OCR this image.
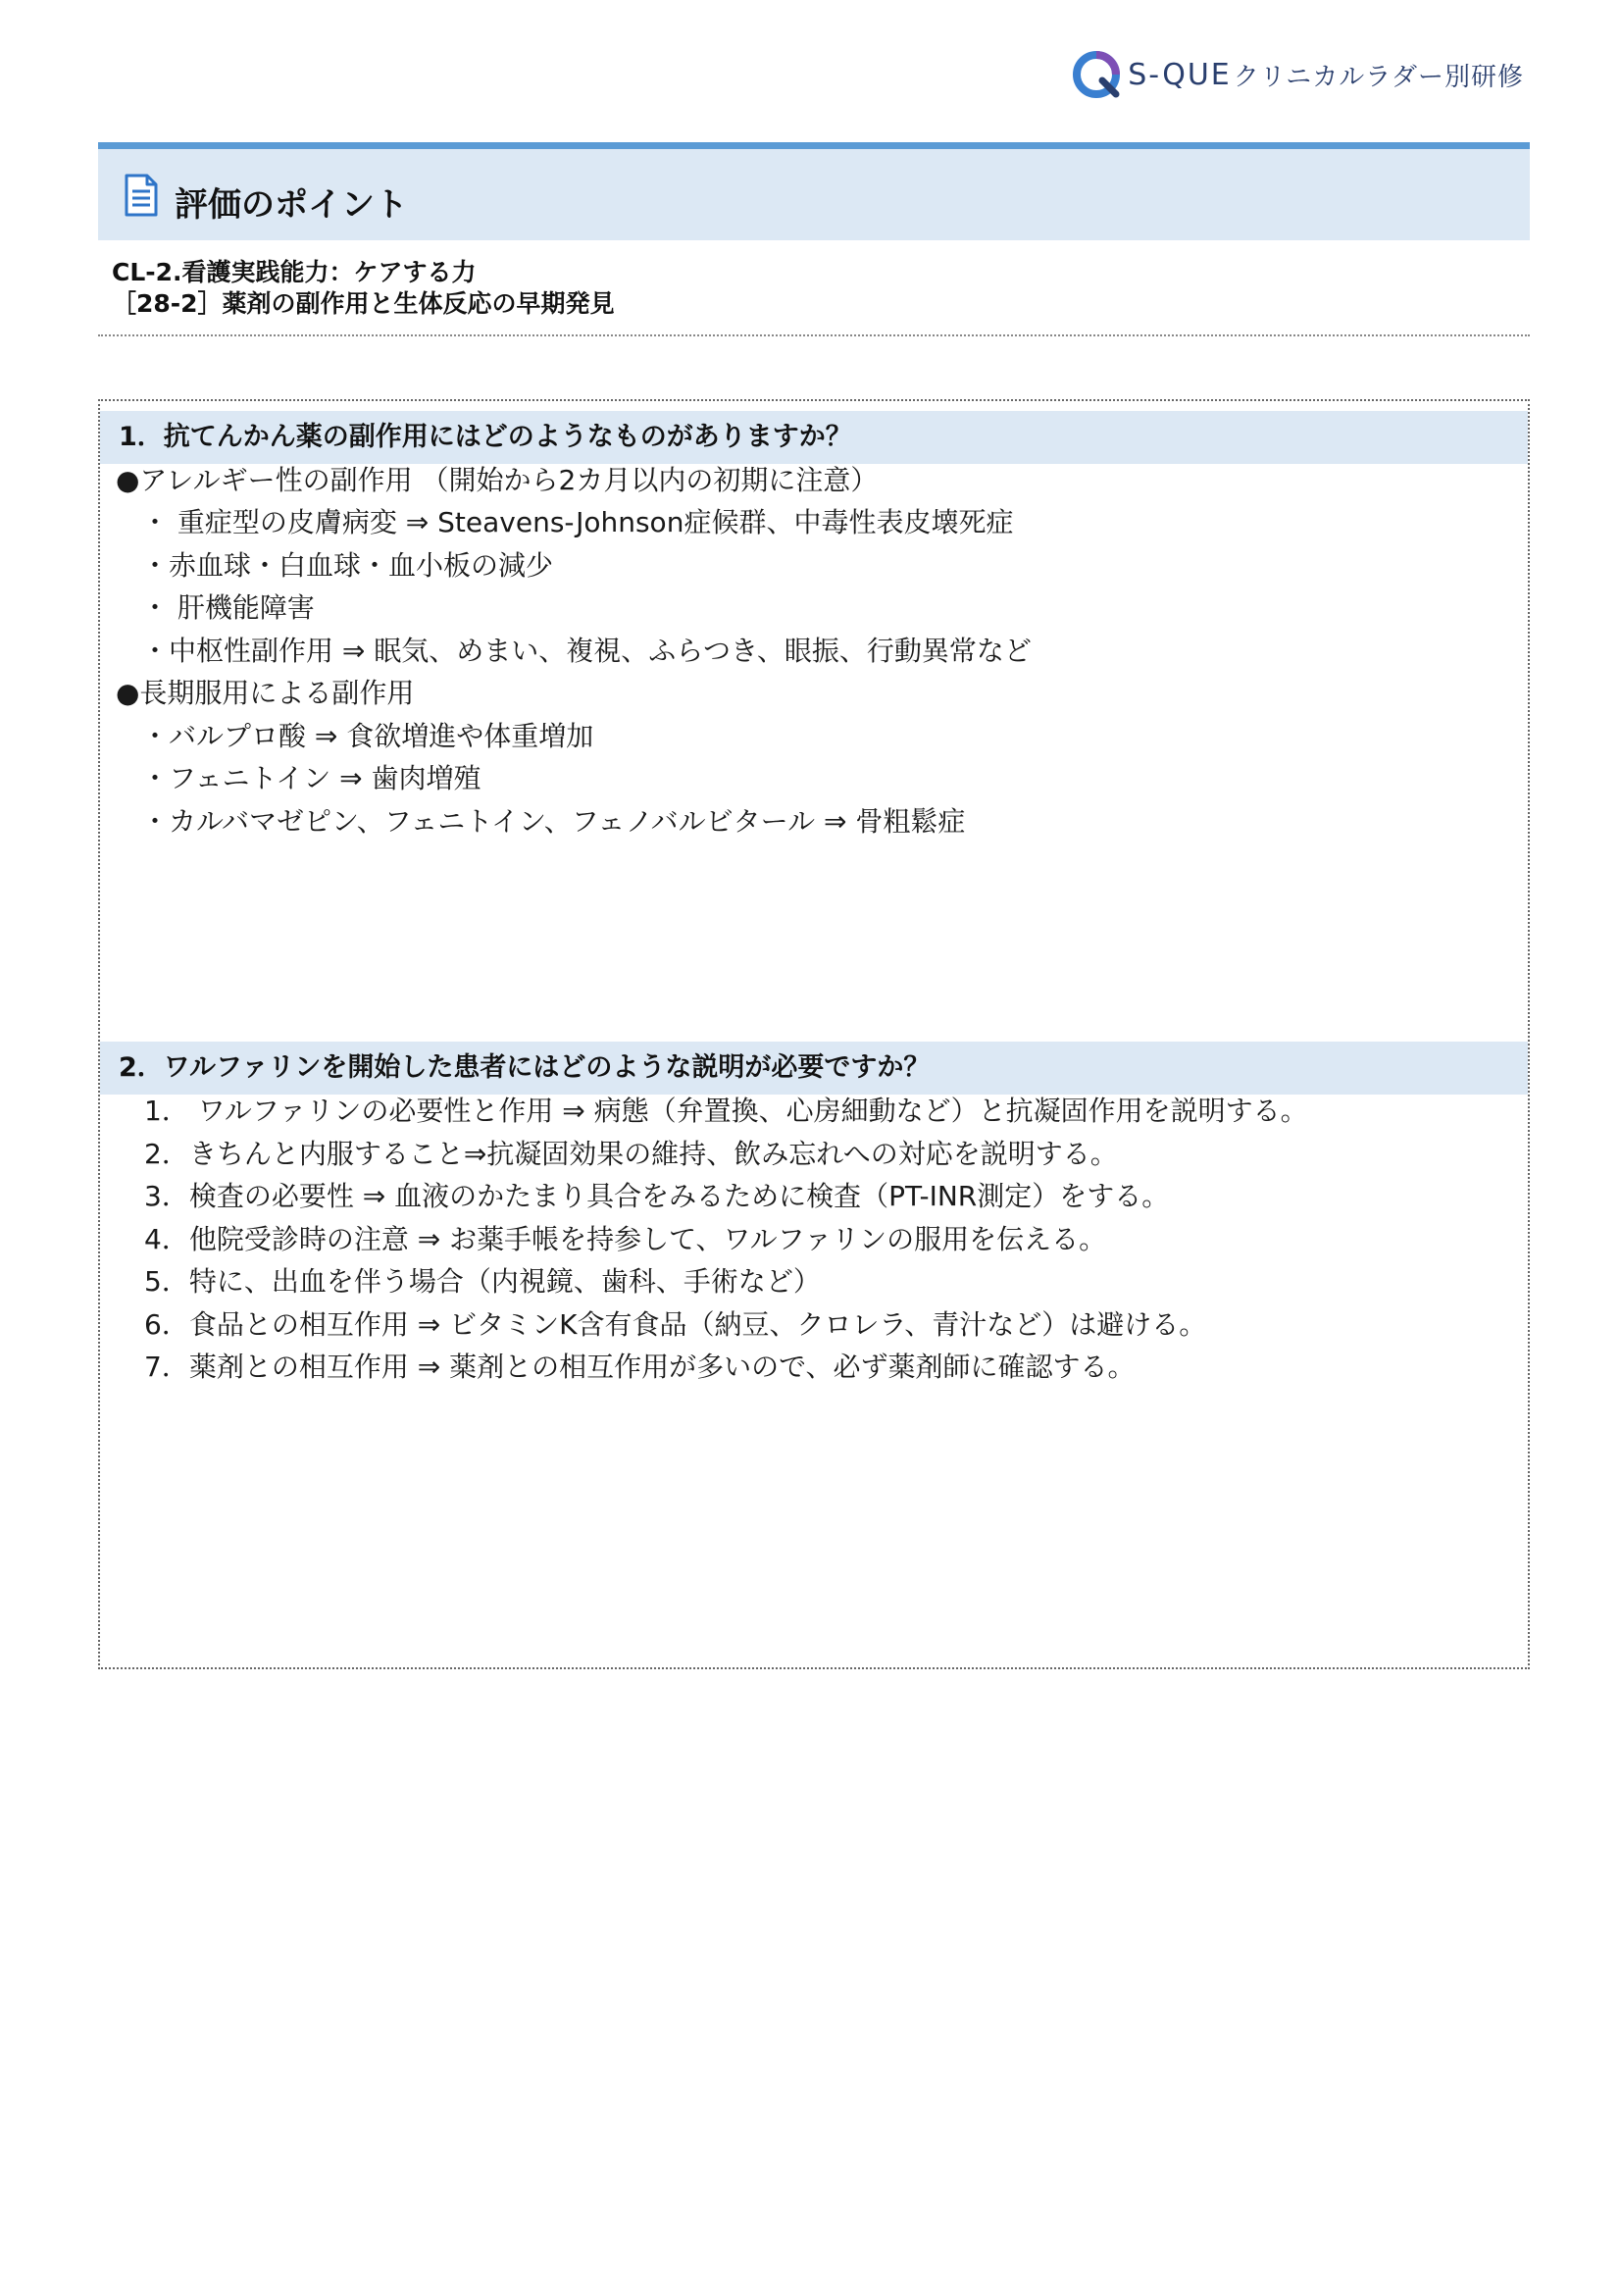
S-QUE クリニカルラダー別研修
評価のポイント
CL-2.看護実践能力：ケアする力
［28-2］薬剤の副作用と生体反応の早期発見
1．抗てんかん薬の副作用にはどのようなものがありますか？
●アレルギー性の副作用 （開始から2カ月以内の初期に注意）
・ 重症型の皮膚病変 ⇒ Steavens-Johnson症候群、中毒性表皮壊死症
・赤血球・白血球・血小板の減少
・ 肝機能障害
・中枢性副作用 ⇒ 眠気、めまい、複視、ふらつき、眼振、行動異常など
●長期服用による副作用
・バルプロ酸 ⇒ 食欲増進や体重増加
・フェニトイン ⇒ 歯肉増殖
・カルバマゼピン、フェニトイン、フェノバルビタール ⇒ 骨粗鬆症
2．ワルファリンを開始した患者にはどのような説明が必要ですか？
1． ワルファリンの必要性と作用 ⇒ 病態（弁置換、心房細動など）と抗凝固作用を説明する。
2．きちんと内服すること⇒抗凝固効果の維持、飲み忘れへの対応を説明する。
3．検査の必要性 ⇒ 血液のかたまり具合をみるために検査（PT-INR測定）をする。
4．他院受診時の注意 ⇒ お薬手帳を持参して、ワルファリンの服用を伝える。
5．特に、出血を伴う場合（内視鏡、歯科、手術など）
6．食品との相互作用 ⇒ ビタミンK含有食品（納豆、クロレラ、青汁など）は避ける。
7．薬剤との相互作用 ⇒ 薬剤との相互作用が多いので、必ず薬剤師に確認する。
